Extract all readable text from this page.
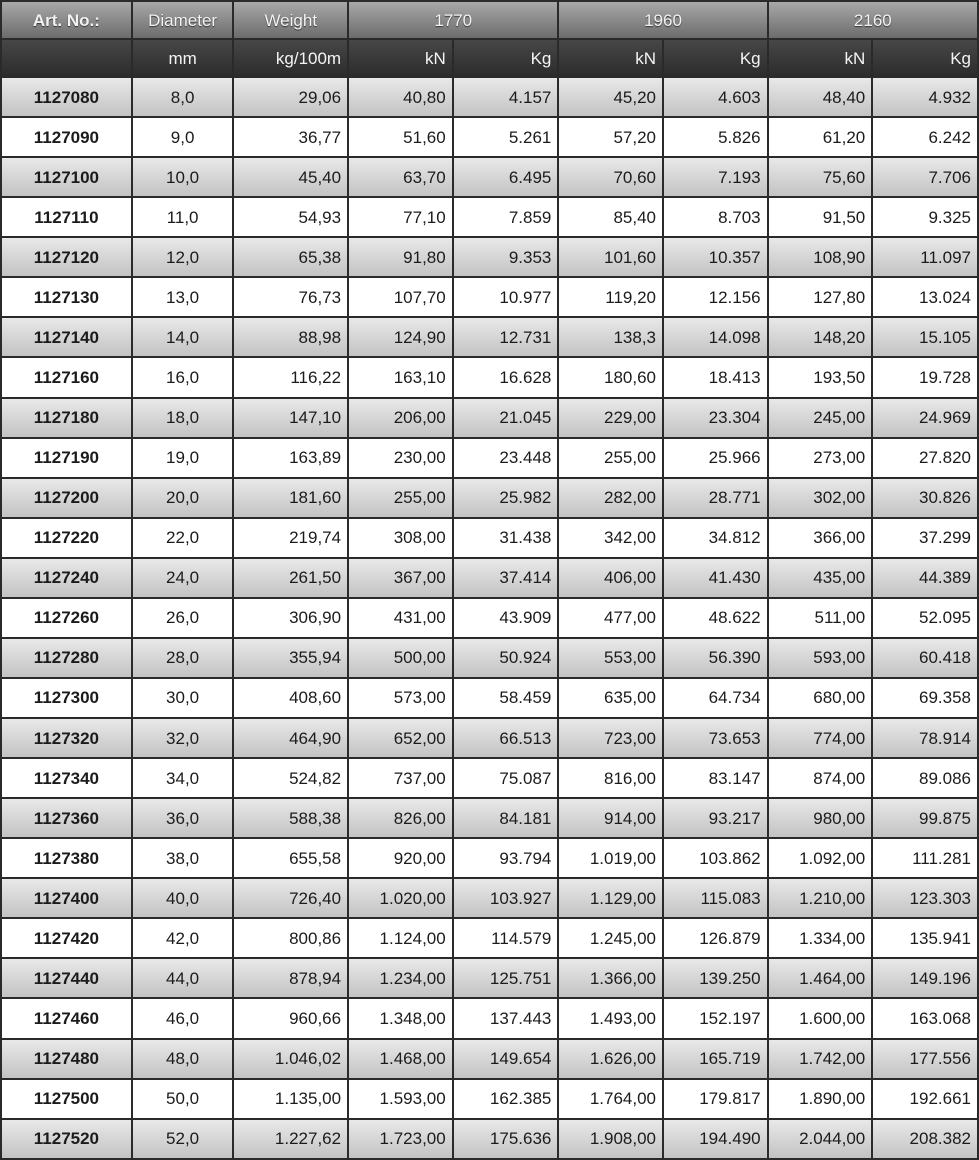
Art. No.:	Diameter	Weight	1770		1960		2160	
	mm	kg/100m	kN	Kg	kN	Kg	kN	Kg
1127080	8,0	29,06	40,80	4.157	45,20	4.603	48,40	4.932
1127090	9,0	36,77	51,60	5.261	57,20	5.826	61,20	6.242
1127100	10,0	45,40	63,70	6.495	70,60	7.193	75,60	7.706
1127110	11,0	54,93	77,10	7.859	85,40	8.703	91,50	9.325
1127120	12,0	65,38	91,80	9.353	101,60	10.357	108,90	11.097
1127130	13,0	76,73	107,70	10.977	119,20	12.156	127,80	13.024
1127140	14,0	88,98	124,90	12.731	138,3	14.098	148,20	15.105
1127160	16,0	116,22	163,10	16.628	180,60	18.413	193,50	19.728
1127180	18,0	147,10	206,00	21.045	229,00	23.304	245,00	24.969
1127190	19,0	163,89	230,00	23.448	255,00	25.966	273,00	27.820
1127200	20,0	181,60	255,00	25.982	282,00	28.771	302,00	30.826
1127220	22,0	219,74	308,00	31.438	342,00	34.812	366,00	37.299
1127240	24,0	261,50	367,00	37.414	406,00	41.430	435,00	44.389
1127260	26,0	306,90	431,00	43.909	477,00	48.622	511,00	52.095
1127280	28,0	355,94	500,00	50.924	553,00	56.390	593,00	60.418
1127300	30,0	408,60	573,00	58.459	635,00	64.734	680,00	69.358
1127320	32,0	464,90	652,00	66.513	723,00	73.653	774,00	78.914
1127340	34,0	524,82	737,00	75.087	816,00	83.147	874,00	89.086
1127360	36,0	588,38	826,00	84.181	914,00	93.217	980,00	99.875
1127380	38,0	655,58	920,00	93.794	1.019,00	103.862	1.092,00	111.281
1127400	40,0	726,40	1.020,00	103.927	1.129,00	115.083	1.210,00	123.303
1127420	42,0	800,86	1.124,00	114.579	1.245,00	126.879	1.334,00	135.941
1127440	44,0	878,94	1.234,00	125.751	1.366,00	139.250	1.464,00	149.196
1127460	46,0	960,66	1.348,00	137.443	1.493,00	152.197	1.600,00	163.068
1127480	48,0	1.046,02	1.468,00	149.654	1.626,00	165.719	1.742,00	177.556
1127500	50,0	1.135,00	1.593,00	162.385	1.764,00	179.817	1.890,00	192.661
1127520	52,0	1.227,62	1.723,00	175.636	1.908,00	194.490	2.044,00	208.382
